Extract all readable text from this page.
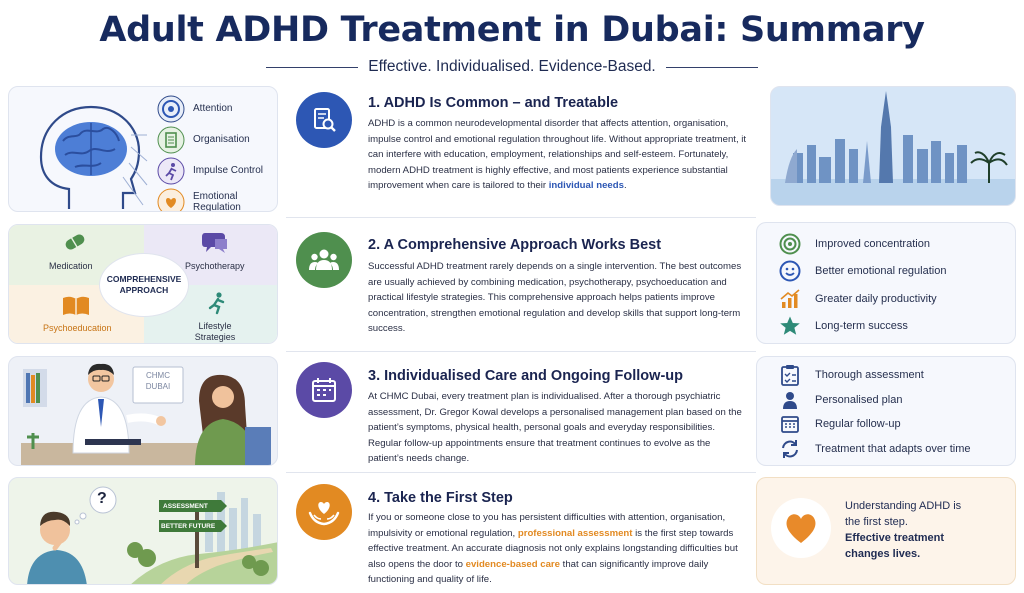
Adult ADHD Treatment in Dubai: Summary
Effective. Individualised. Evidence-Based.
Attention
Organisation
Impulse Control
Emotional Regulation
1. ADHD Is Common – and Treatable

ADHD is a common neurodevelopmental disorder that affects attention, organisation, impulse control and emotional regulation throughout life. Without appropriate treatment, it can interfere with education, employment, relationships and self-esteem. Fortunately, modern ADHD treatment is highly effective, and most patients experience substantial improvement when care is tailored to their individual needs.

COMPREHENSIVE APPROACH
Medication	Psychotherapy
Psychoeducation	Lifestyle Strategies
2. A Comprehensive Approach Works Best

Successful ADHD treatment rarely depends on a single intervention. The best outcomes are usually achieved by combining medication, psychotherapy, psychoeducation and practical lifestyle strategies. This comprehensive approach helps patients improve concentration, strengthen emotional regulation and develop skills that support long-term success.

Improved concentration
Better emotional regulation
Greater daily productivity
Long-term success
CHMC DUBAI
3. Individualised Care and Ongoing Follow-up

At CHMC Dubai, every treatment plan is individualised. After a thorough psychiatric assessment, Dr. Gregor Kowal develops a personalised management plan based on the patient’s symptoms, physical health, personal goals and everyday responsibilities. Regular follow-up appointments ensure that treatment continues to evolve as the patient’s needs change.

Thorough assessment
Personalised plan
Regular follow-up
Treatment that adapts over time
?	ASSESSMENT
BETTER FUTURE
4. Take the First Step

If you or someone close to you has persistent difficulties with attention, organisation, impulsivity or emotional regulation, professional assessment is the first step towards effective treatment. An accurate diagnosis not only explains longstanding difficulties but also opens the door to evidence-based care that can significantly improve daily functioning and quality of life.

Understanding ADHD is the first step.
Effective treatment changes lives.
